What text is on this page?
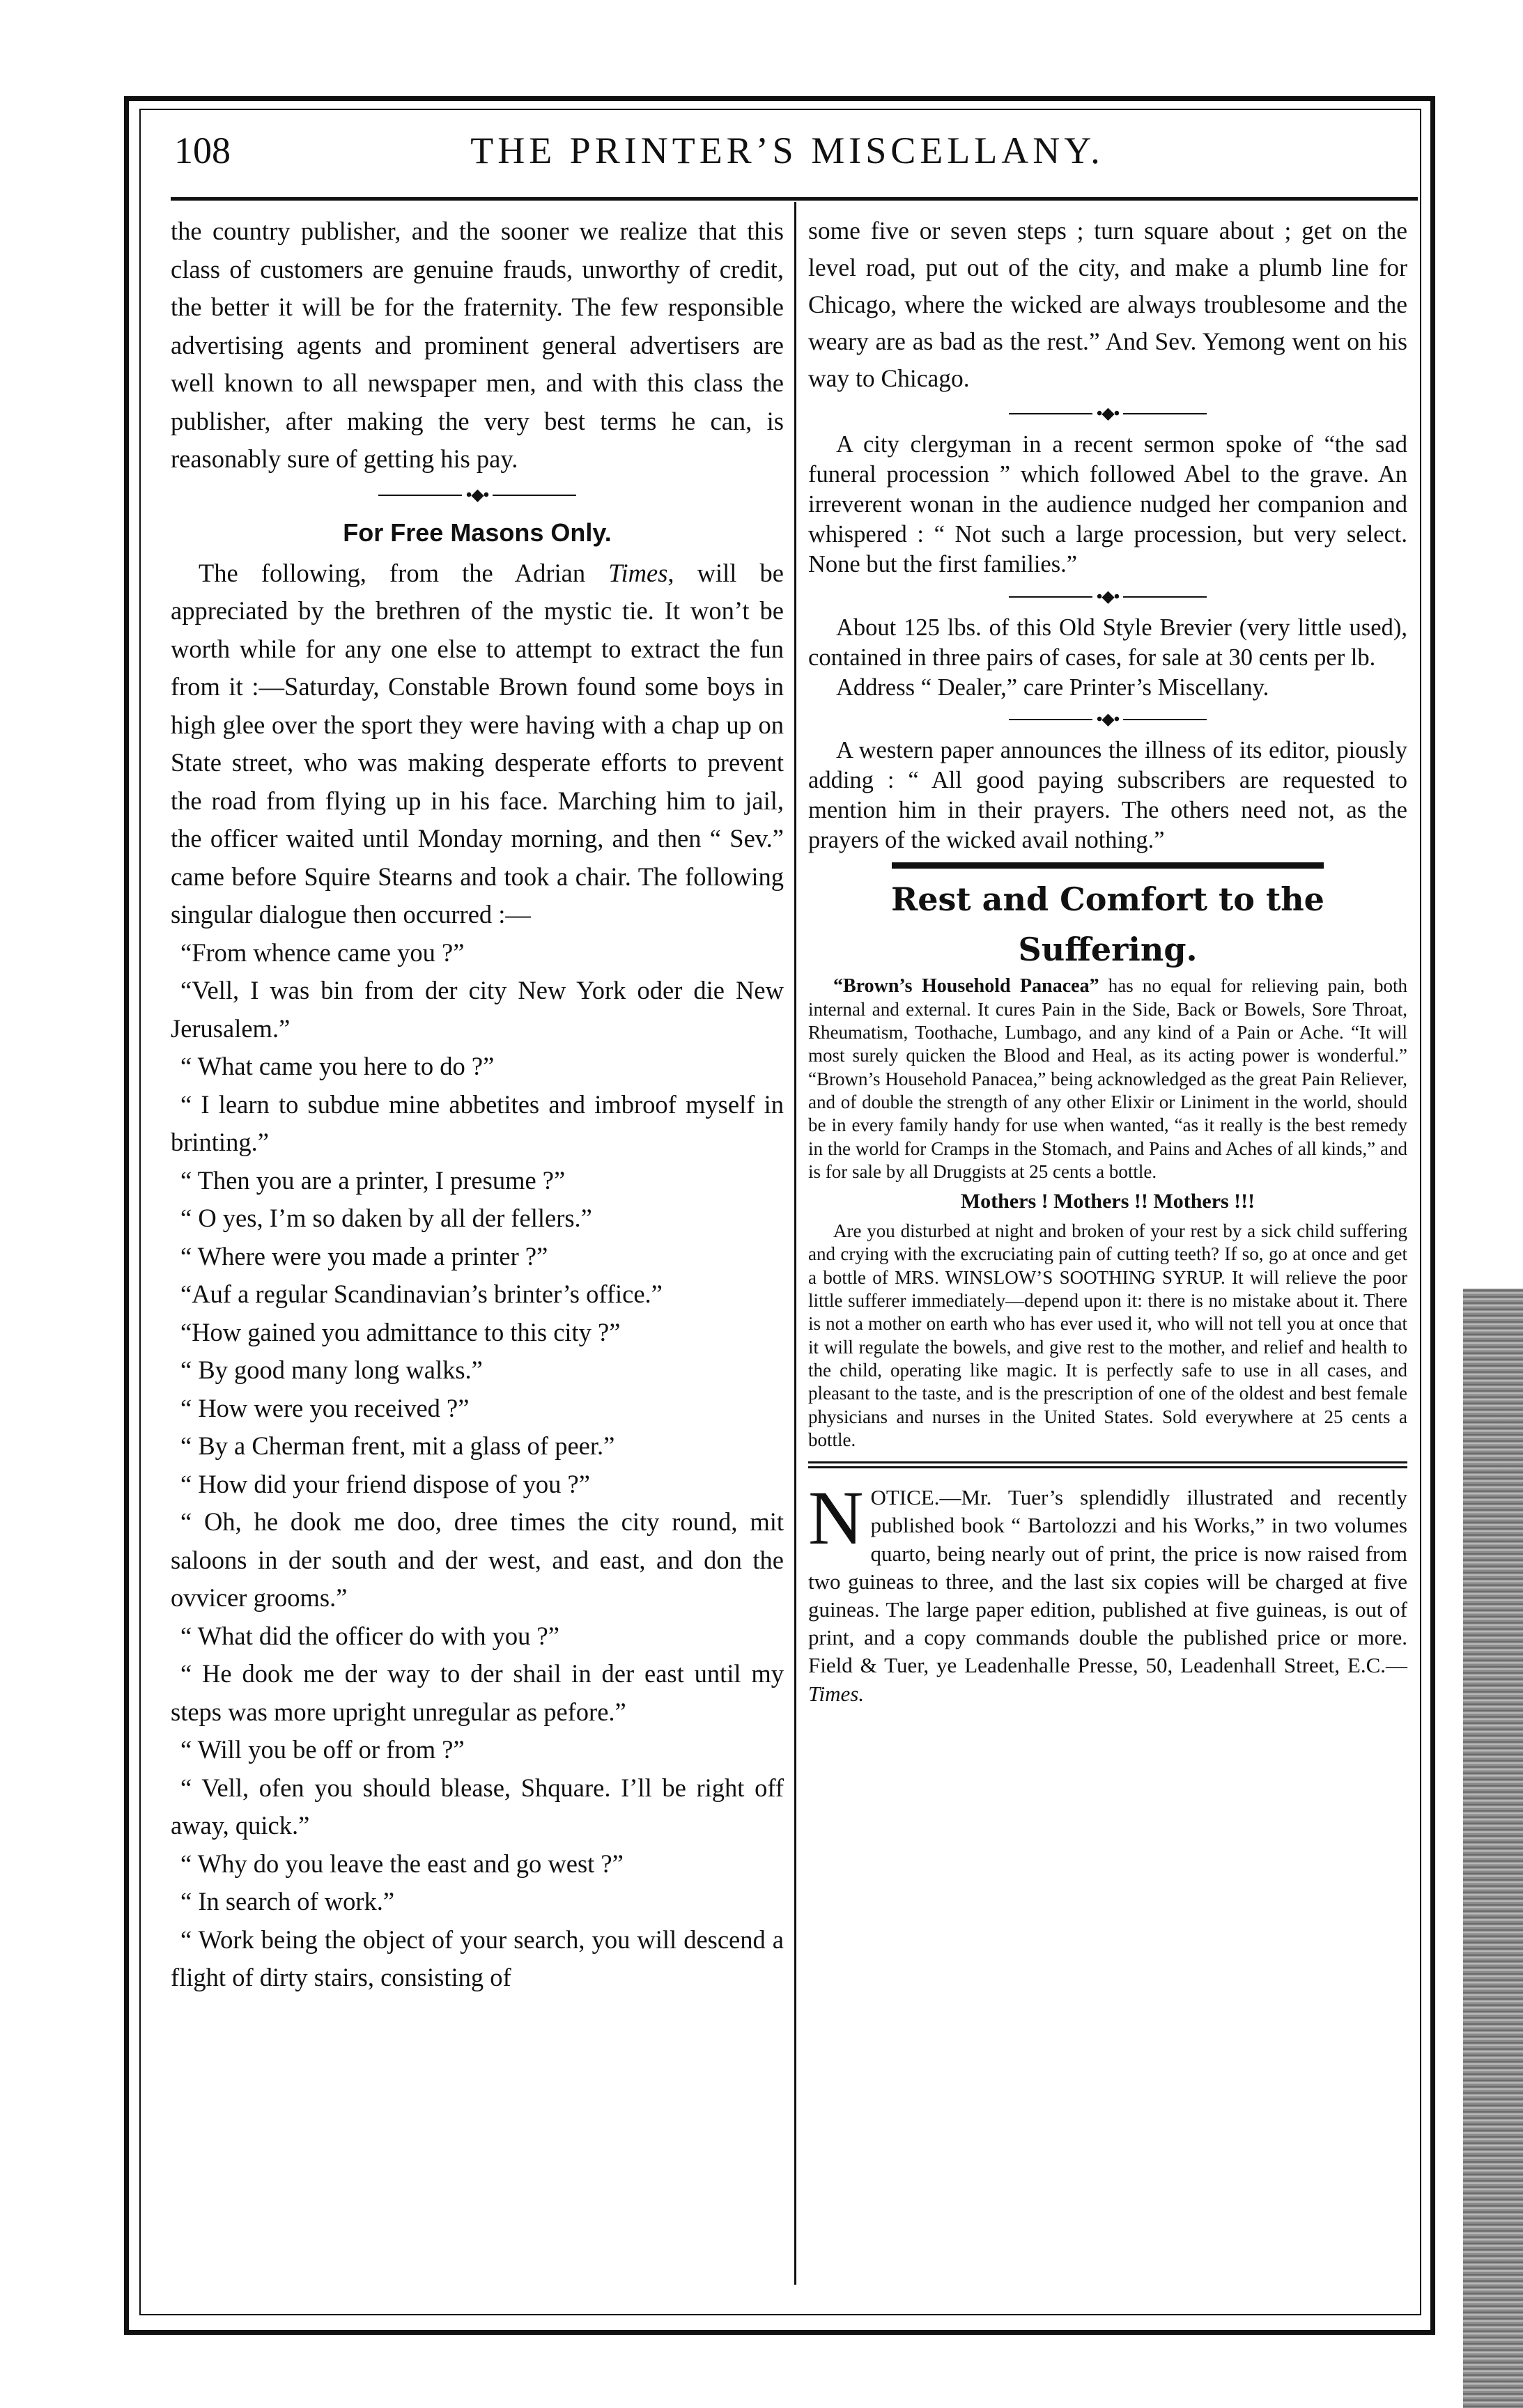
108	THE PRINTER’S MISCELLANY.

the country publisher, and the sooner we realize that this class of customers are genuine frauds, unworthy of credit, the better it will be for the fraternity. The few responsible advertising agents and prominent general advertisers are well known to all newspaper men, and with this class the publisher, after making the very best terms he can, is reasonably sure of getting his pay.

•◆•
For Free Masons Only.

The following, from the Adrian Times, will be appreciated by the brethren of the mystic tie. It won’t be worth while for any one else to attempt to extract the fun from it :—Saturday, Constable Brown found some boys in high glee over the sport they were having with a chap up on State street, who was making desperate efforts to prevent the road from flying up in his face. Marching him to jail, the officer waited until Monday morning, and then “ Sev.” came before Squire Stearns and took a chair. The following singular dialogue then occurred :—

“From whence came you ?”

“Vell, I was bin from der city New York oder die New Jerusalem.”

“ What came you here to do ?”

“ I learn to subdue mine abbetites and imbroof myself in brinting.”

“ Then you are a printer, I presume ?”

“ O yes, I’m so daken by all der fellers.”

“ Where were you made a printer ?”

“Auf a regular Scandinavian’s brinter’s office.”

“How gained you admittance to this city ?”

“ By good many long walks.”

“ How were you received ?”

“ By a Cherman frent, mit a glass of peer.”

“ How did your friend dispose of you ?”

“ Oh, he dook me doo, dree times the city round, mit saloons in der south and der west, and east, and don the ovvicer grooms.”

“ What did the officer do with you ?”

“ He dook me der way to der shail in der east until my steps was more upright unregular as pefore.”

“ Will you be off or from ?”

“ Vell, ofen you should blease, Shquare. I’ll be right off away, quick.”

“ Why do you leave the east and go west ?”

“ In search of work.”

“ Work being the object of your search, you will descend a flight of dirty stairs, consisting of

some five or seven steps ; turn square about ; get on the level road, put out of the city, and make a plumb line for Chicago, where the wicked are always troublesome and the weary are as bad as the rest.” And Sev. Yemong went on his way to Chicago.

•◆•

A city clergyman in a recent sermon spoke of “the sad funeral procession ” which followed Abel to the grave. An irreverent wonan in the audience nudged her companion and whispered : “ Not such a large procession, but very select. None but the first families.”

•◆•

About 125 lbs. of this Old Style Brevier (very little used), contained in three pairs of cases, for sale at 30 cents per lb.

Address “ Dealer,” care Printer’s Miscellany.

•◆•

A western paper announces the illness of its editor, piously adding : “ All good paying subscribers are requested to mention him in their prayers. The others need not, as the prayers of the wicked avail nothing.”

Rest and Comfort to the Suffering.
“Brown’s Household Panacea” has no equal for relieving pain, both internal and external. It cures Pain in the Side, Back or Bowels, Sore Throat, Rheumatism, Toothache, Lumbago, and any kind of a Pain or Ache. “It will most surely quicken the Blood and Heal, as its acting power is wonderful.” “Brown’s Household Panacea,” being acknowledged as the great Pain Reliever, and of double the strength of any other Elixir or Liniment in the world, should be in every family handy for use when wanted, “as it really is the best remedy in the world for Cramps in the Stomach, and Pains and Aches of all kinds,” and is for sale by all Druggists at 25 cents a bottle.
Mothers ! Mothers !! Mothers !!!
Are you disturbed at night and broken of your rest by a sick child suffering and crying with the excruciating pain of cutting teeth? If so, go at once and get a bottle of MRS. WINSLOW’S SOOTHING SYRUP. It will relieve the poor little sufferer immediately—depend upon it: there is no mistake about it. There is not a mother on earth who has ever used it, who will not tell you at once that it will regulate the bowels, and give rest to the mother, and relief and health to the child, operating like magic. It is perfectly safe to use in all cases, and pleasant to the taste, and is the prescription of one of the oldest and best female physicians and nurses in the United States. Sold everywhere at 25 cents a bottle.
NOTICE.—Mr. Tuer’s splendidly illustrated and recently published book “ Bartolozzi and his Works,” in two volumes quarto, being nearly out of print, the price is now raised from two guineas to three, and the last six copies will be charged at five guineas. The large paper edition, published at five guineas, is out of print, and a copy commands double the published price or more. Field & Tuer, ye Leadenhalle Presse, 50, Leadenhall Street, E.C.—Times.
